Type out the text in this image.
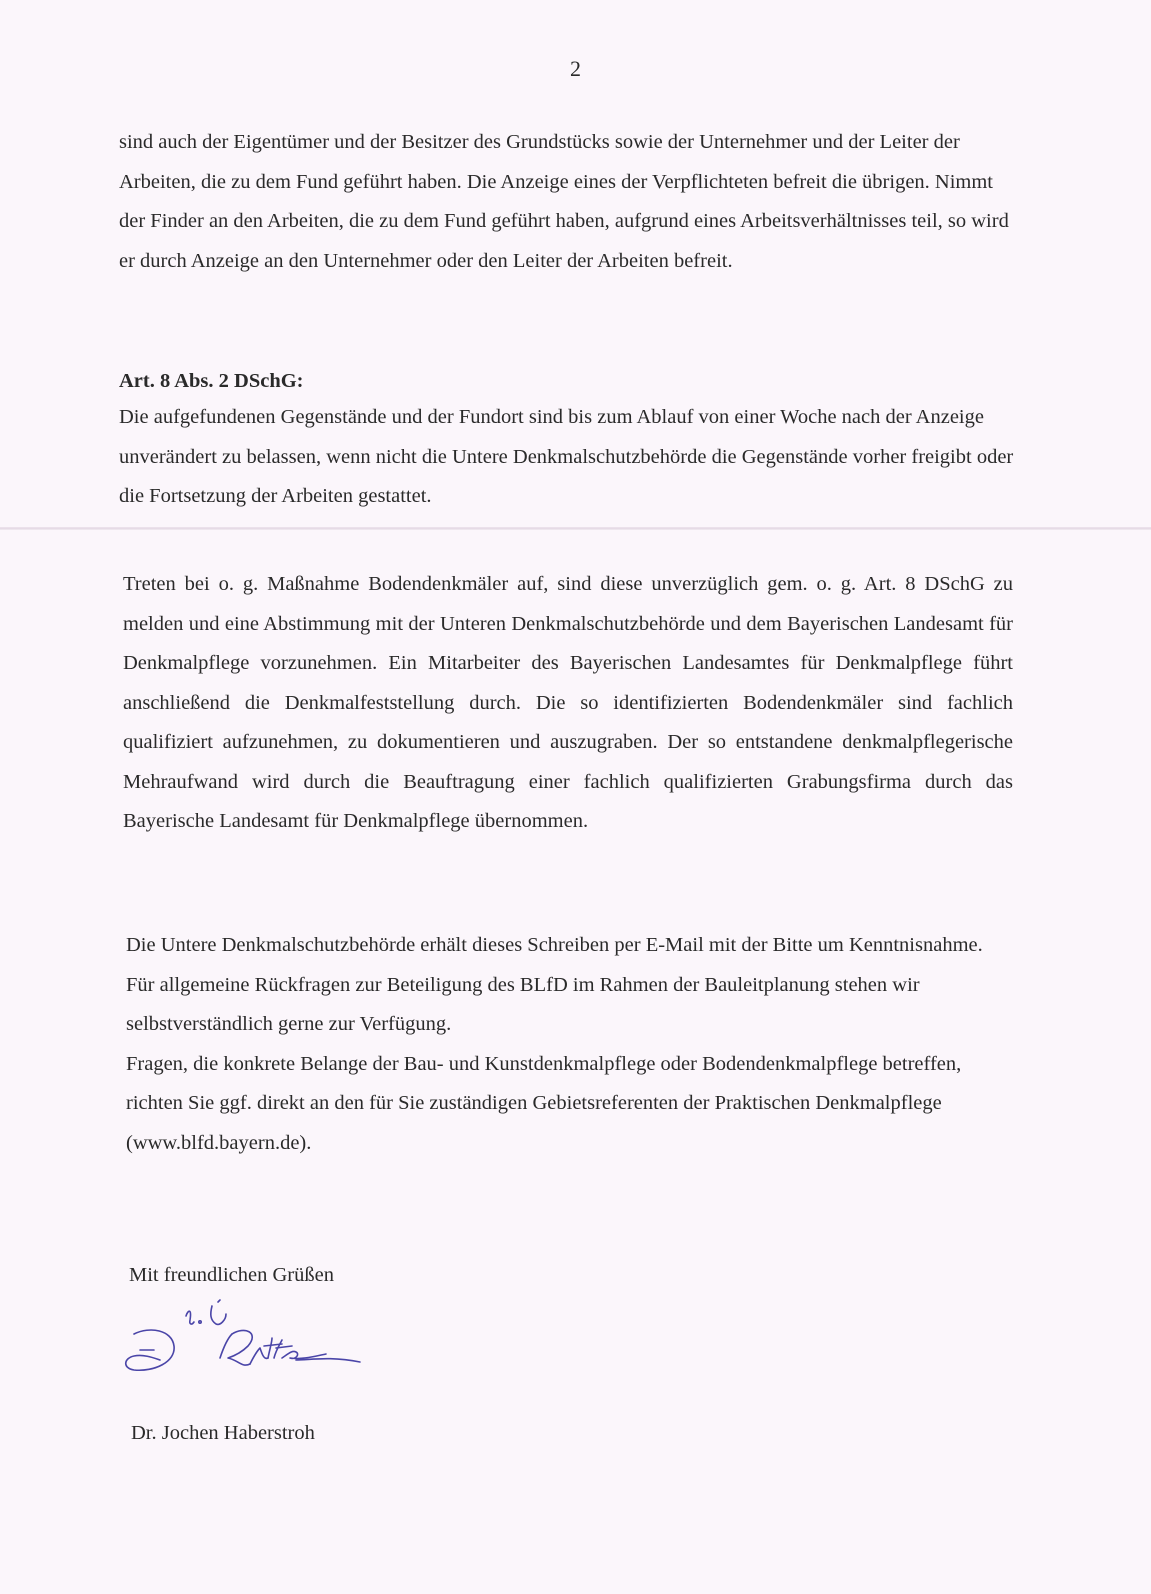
2

sind auch der Eigentümer und der Besitzer des Grundstücks sowie der Unternehmer und der Leiter der Arbeiten, die zu dem Fund geführt haben. Die Anzeige eines der Verpflichteten befreit die übrigen. Nimmt der Finder an den Arbeiten, die zu dem Fund geführt haben, aufgrund eines Arbeitsverhältnisses teil, so wird er durch Anzeige an den Unternehmer oder den Leiter der Arbeiten befreit.

Art. 8 Abs. 2 DSchG:

Die aufgefundenen Gegenstände und der Fundort sind bis zum Ablauf von einer Woche nach der Anzeige unverändert zu belassen, wenn nicht die Untere Denkmalschutzbehörde die Gegenstände vorher freigibt oder die Fortsetzung der Arbeiten gestattet.

Treten bei o. g. Maßnahme Bodendenkmäler auf, sind diese unverzüglich gem. o. g. Art. 8 DSchG zu melden und eine Abstimmung mit der Unteren Denkmalschutzbehörde und dem Bayerischen Landesamt für Denkmalpflege vorzunehmen. Ein Mitarbeiter des Bayerischen Landesamtes für Denkmalpflege führt anschließend die Denkmalfeststellung durch. Die so identifizierten Bodendenkmäler sind fachlich qualifiziert aufzunehmen, zu dokumentieren und auszugraben. Der so entstandene denkmalpflegerische Mehraufwand wird durch die Beauftragung einer fachlich qualifizierten Grabungsfirma durch das Bayerische Landesamt für Denkmalpflege übernommen.

Die Untere Denkmalschutzbehörde erhält dieses Schreiben per E-Mail mit der Bitte um Kenntnisnahme. Für allgemeine Rückfragen zur Beteiligung des BLfD im Rahmen der Bauleitplanung stehen wir selbstverständlich gerne zur Verfügung.

Fragen, die konkrete Belange der Bau- und Kunstdenkmalpflege oder Bodendenkmalpflege betreffen, richten Sie ggf. direkt an den für Sie zuständigen Gebietsreferenten der Praktischen Denkmalpflege (www.blfd.bayern.de).

Mit freundlichen Grüßen
Dr. Jochen Haberstroh
